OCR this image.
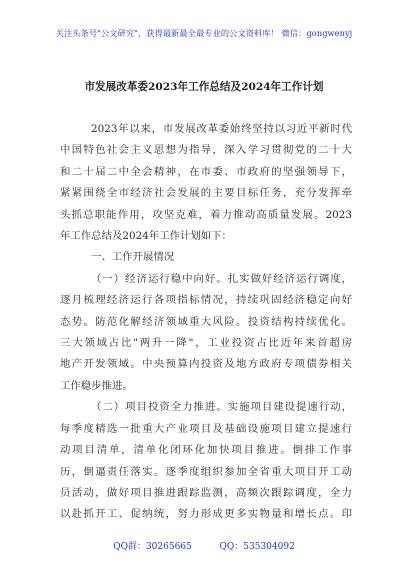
关注头条号"公文研究"，获得最新最全最专业的公文资料库！ 微信：gongwenyj
市发展改革委2023年工作总结及2024年工作计划

2023年以来，市发展改革委始终坚持以习近平新时代
中国特色社会主义思想为指导，深入学习贯彻党的二十大
和二十届二中全会精神，在市委、市政府的坚强领导下，
紧紧围绕全市经济社会发展的主要目标任务，充分发挥牵
头抓总职能作用，攻坚克难，着力推动高质量发展。2023
年工作总结及2024年工作计划如下：

一、工作开展情况

（一）经济运行稳中向好。扎实做好经济运行调度，
逐月梳理经济运行各项指标情况，持续巩固经济稳定向好
态势。防范化解经济领域重大风险。投资结构持续优化。
三大领域占比"两升一降"，工业投资占比近年来首超房
地产开发领域。中央预算内投资及地方政府专项债券相关
工作稳步推进。

（二）项目投资全力推进。实施项目建设提速行动，
每季度精选一批重大产业项目及基础设施项目建立提速行
动项目清单，清单化闭环化加快项目推进。倒排工作事
历，倒逼责任落实。逐季度组织参加全省重大项目开工动
员活动，做好项目推进跟踪监测，高频次跟踪调度，全力
以赴抓开工、促纳统，努力形成更多实物量和增长点。印

QQ群：30265665	QQ：535304092
